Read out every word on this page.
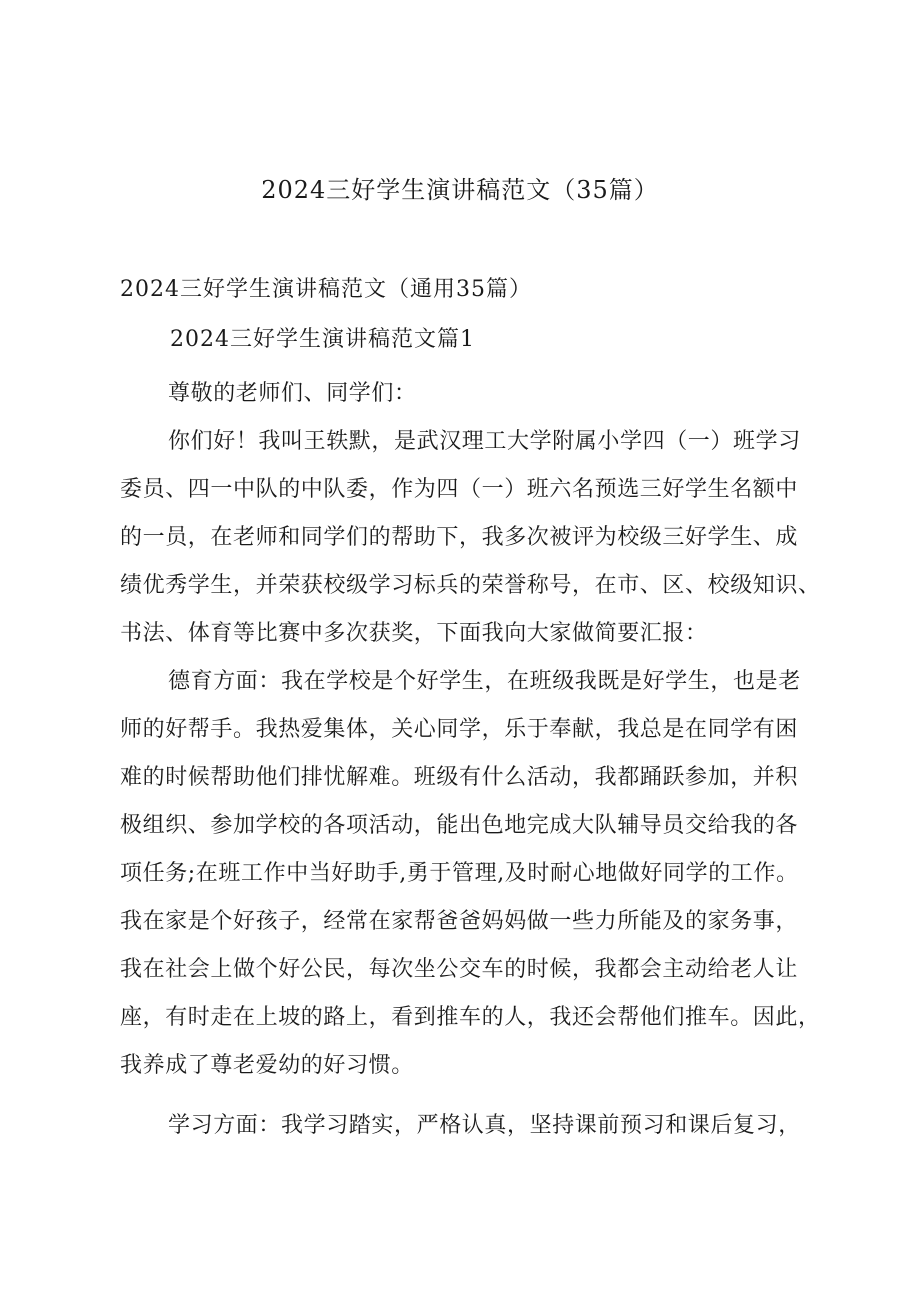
2024三好学生演讲稿范文（35篇）

2024三好学生演讲稿范文（通用35篇）

2024三好学生演讲稿范文篇1

尊敬的老师们、同学们：
你们好！我叫王轶默，是武汉理工大学附属小学四（一）班学习
委员、四一中队的中队委，作为四（一）班六名预选三好学生名额中
的一员，在老师和同学们的帮助下，我多次被评为校级三好学生、成
绩优秀学生，并荣获校级学习标兵的荣誉称号，在市、区、校级知识、
书法、体育等比赛中多次获奖，下面我向大家做简要汇报：
德育方面：我在学校是个好学生，在班级我既是好学生，也是老
师的好帮手。我热爱集体，关心同学，乐于奉献，我总是在同学有困
难的时候帮助他们排忧解难。班级有什么活动，我都踊跃参加，并积
极组织、参加学校的各项活动，能出色地完成大队辅导员交给我的各
项任务;在班工作中当好助手,勇于管理,及时耐心地做好同学的工作。
我在家是个好孩子，经常在家帮爸爸妈妈做一些力所能及的家务事，
我在社会上做个好公民，每次坐公交车的时候，我都会主动给老人让
座，有时走在上坡的路上，看到推车的人，我还会帮他们推车。因此，
我养成了尊老爱幼的好习惯。
学习方面：我学习踏实，严格认真，坚持课前预习和课后复习，
